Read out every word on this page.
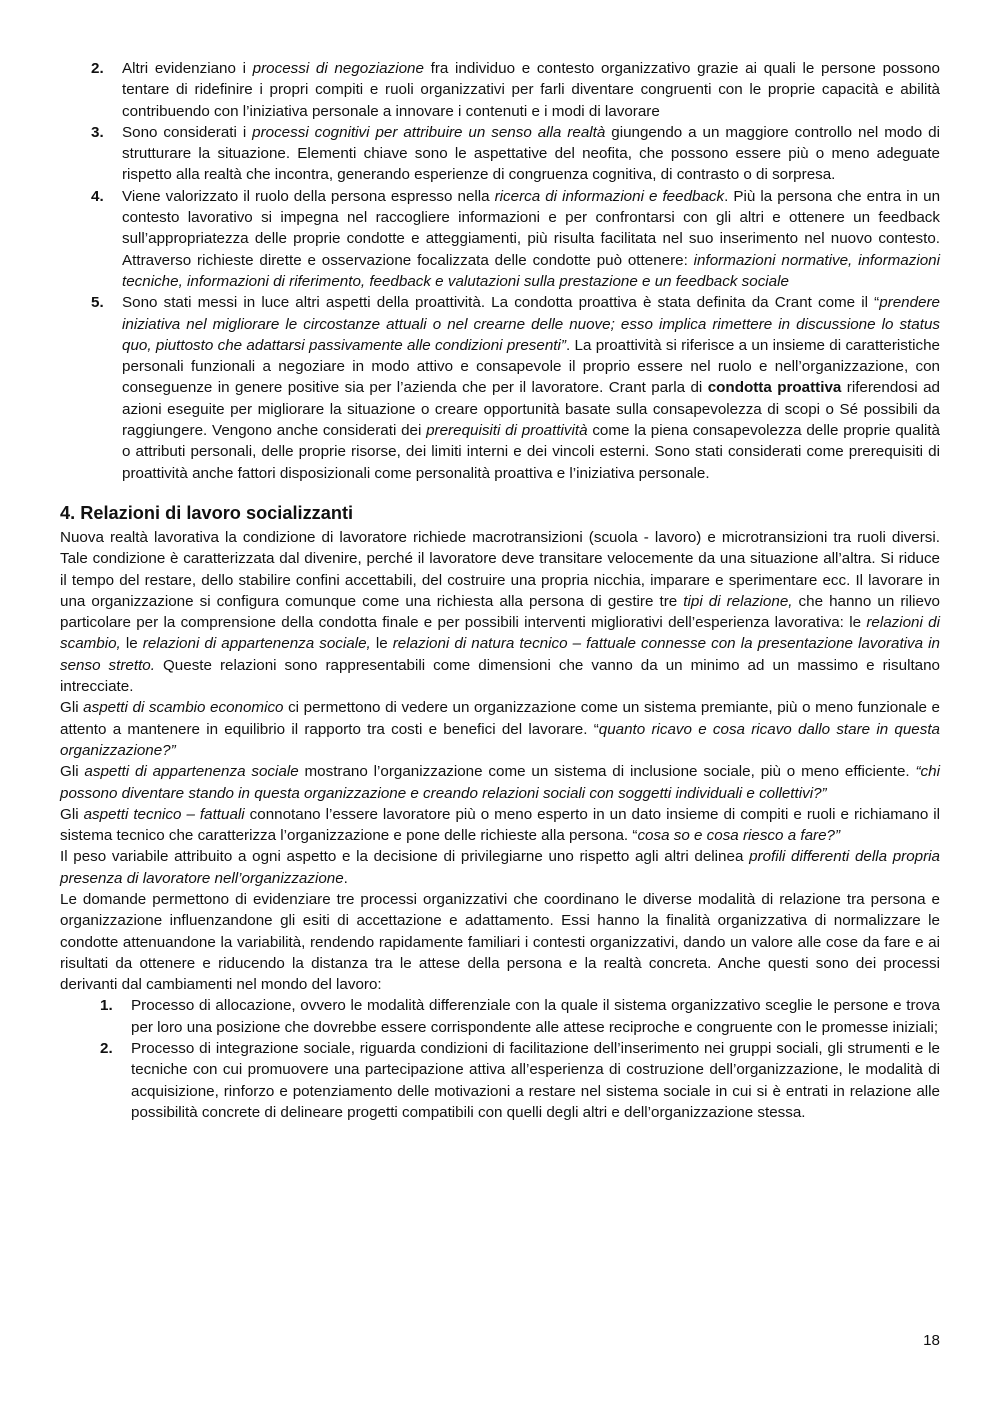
2. Altri evidenziano i processi di negoziazione fra individuo e contesto organizzativo grazie ai quali le persone possono tentare di ridefinire i propri compiti e ruoli organizzativi per farli diventare congruenti con le proprie capacità e abilità contribuendo con l’iniziativa personale a innovare i contenuti e i modi di lavorare
3. Sono considerati i processi cognitivi per attribuire un senso alla realtà giungendo a un maggiore controllo nel modo di strutturare la situazione. Elementi chiave sono le aspettative del neofita, che possono essere più o meno adeguate rispetto alla realtà che incontra, generando esperienze di congruenza cognitiva, di contrasto o di sorpresa.
4. Viene valorizzato il ruolo della persona espresso nella ricerca di informazioni e feedback. Più la persona che entra in un contesto lavorativo si impegna nel raccogliere informazioni e per confrontarsi con gli altri e ottenere un feedback sull’appropriatezza delle proprie condotte e atteggiamenti, più risulta facilitata nel suo inserimento nel nuovo contesto. Attraverso richieste dirette e osservazione focalizzata delle condotte può ottenere: informazioni normative, informazioni tecniche, informazioni di riferimento, feedback e valutazioni sulla prestazione e un feedback sociale
5. Sono stati messi in luce altri aspetti della proattività. La condotta proattiva è stata definita da Crant come il “prendere iniziativa nel migliorare le circostanze attuali o nel crearne delle nuove; esso implica rimettere in discussione lo status quo, piuttosto che adattarsi passivamente alle condizioni presenti”. La proattività si riferisce a un insieme di caratteristiche personali funzionali a negoziare in modo attivo e consapevole il proprio essere nel ruolo e nell’organizzazione, con conseguenze in genere positive sia per l’azienda che per il lavoratore. Crant parla di condotta proattiva riferendosi ad azioni eseguite per migliorare la situazione o creare opportunità basate sulla consapevolezza di scopi o Sé possibili da raggiungere. Vengono anche considerati dei prerequisiti di proattività come la piena consapevolezza delle proprie qualità o attributi personali, delle proprie risorse, dei limiti interni e dei vincoli esterni. Sono stati considerati come prerequisiti di proattività anche fattori disposizionali come personalità proattiva e l’iniziativa personale.
4. Relazioni di lavoro socializzanti

Nuova realtà lavorativa la condizione di lavoratore richiede macrotransizioni (scuola - lavoro) e microtransizioni tra ruoli diversi. Tale condizione è caratterizzata dal divenire, perché il lavoratore deve transitare velocemente da una situazione all’altra. Si riduce il tempo del restare, dello stabilire confini accettabili, del costruire una propria nicchia, imparare e sperimentare ecc. Il lavorare in una organizzazione si configura comunque come una richiesta alla persona di gestire tre tipi di relazione, che hanno un rilievo particolare per la comprensione della condotta finale e per possibili interventi migliorativi dell’esperienza lavorativa: le relazioni di scambio, le relazioni di appartenenza sociale, le relazioni di natura tecnico – fattuale connesse con la presentazione lavorativa in senso stretto. Queste relazioni sono rappresentabili come dimensioni che vanno da un minimo ad un massimo e risultano intrecciate.

Gli aspetti di scambio economico ci permettono di vedere un organizzazione come un sistema premiante, più o meno funzionale e attento a mantenere in equilibrio il rapporto tra costi e benefici del lavorare. “quanto ricavo e cosa ricavo dallo stare in questa organizzazione?”

Gli aspetti di appartenenza sociale mostrano l’organizzazione come un sistema di inclusione sociale, più o meno efficiente. “chi possono diventare stando in questa organizzazione e creando relazioni sociali con soggetti individuali e collettivi?”

Gli aspetti tecnico – fattuali connotano l’essere lavoratore più o meno esperto in un dato insieme di compiti e ruoli e richiamano il sistema tecnico che caratterizza l’organizzazione e pone delle richieste alla persona. “cosa so e cosa riesco a fare?”

Il peso variabile attribuito a ogni aspetto e la decisione di privilegiarne uno rispetto agli altri delinea profili differenti della propria presenza di lavoratore nell’organizzazione.

Le domande permettono di evidenziare tre processi organizzativi che coordinano le diverse modalità di relazione tra persona e organizzazione influenzandone gli esiti di accettazione e adattamento. Essi hanno la finalità organizzativa di normalizzare le condotte attenuandone la variabilità, rendendo rapidamente familiari i contesti organizzativi, dando un valore alle cose da fare e ai risultati da ottenere e riducendo la distanza tra le attese della persona e la realtà concreta. Anche questi sono dei processi derivanti dal cambiamenti nel mondo del lavoro:

1. Processo di allocazione, ovvero le modalità differenziale con la quale il sistema organizzativo sceglie le persone e trova per loro una posizione che dovrebbe essere corrispondente alle attese reciproche e congruente con le promesse iniziali;
2. Processo di integrazione sociale, riguarda condizioni di facilitazione dell’inserimento nei gruppi sociali, gli strumenti e le tecniche con cui promuovere una partecipazione attiva all’esperienza di costruzione dell’organizzazione, le modalità di acquisizione, rinforzo e potenziamento delle motivazioni a restare nel sistema sociale in cui si è entrati in relazione alle possibilità concrete di delineare progetti compatibili con quelli degli altri e dell’organizzazione stessa.
18
